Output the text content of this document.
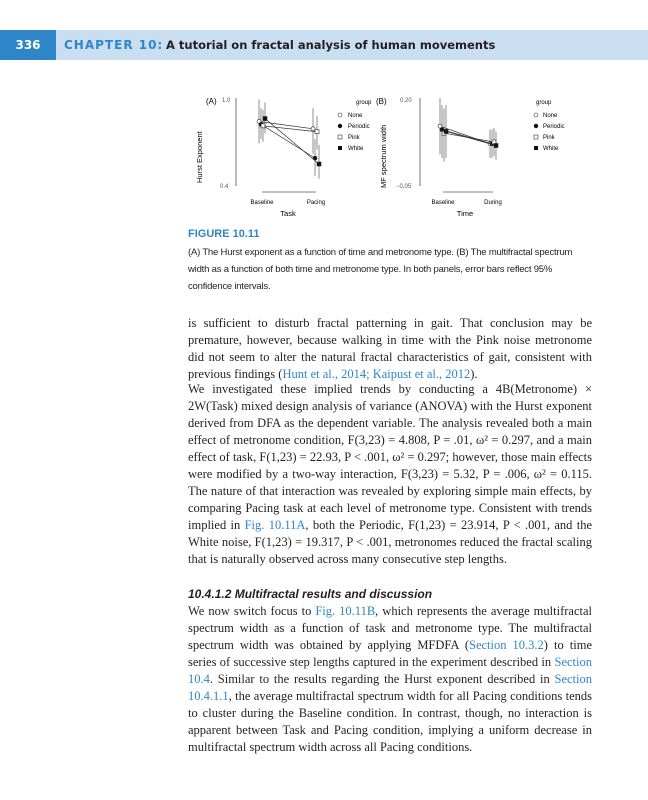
336	CHAPTER 10: A tutorial on fractal analysis of human movements
(A) 1.0
0.4
Hurst Exponent
Task
Baseline	Pacing
group
None
Periodic
Pink
White
(B) 0.20
−0.05
MF spectrum width
Time
Baseline	During
group
None
Periodic
Pink
White
FIGURE 10.11
(A) The Hurst exponent as a function of time and metronome type. (B) The multifractal spectrum width as a function of both time and metronome type. In both panels, error bars reflect 95% confidence intervals.

is sufficient to disturb fractal patterning in gait. That conclusion may be premature, however, because walking in time with the Pink noise metronome did not seem to alter the natural fractal characteristics of gait, consistent with previous findings (Hunt et al., 2014; Kaipust et al., 2012).

We investigated these implied trends by conducting a 4B(Metronome) × 2W(Task) mixed design analysis of variance (ANOVA) with the Hurst exponent derived from DFA as the dependent variable. The analysis revealed both a main effect of metronome condition, F(3,23) = 4.808, P = .01, ω² = 0.297, and a main effect of task, F(1,23) = 22.93, P < .001, ω² = 0.297; however, those main effects were modified by a two-way interaction, F(3,23) = 5.32, P = .006, ω² = 0.115. The nature of that interaction was revealed by exploring simple main effects, by comparing Pacing task at each level of metronome type. Consistent with trends implied in Fig. 10.11A, both the Periodic, F(1,23) = 23.914, P < .001, and the White noise, F(1,23) = 19.317, P < .001, metronomes reduced the fractal scaling that is naturally observed across many consecutive step lengths.

10.4.1.2 Multifractal results and discussion

We now switch focus to Fig. 10.11B, which represents the average multifractal spectrum width as a function of task and metronome type. The multifractal spectrum width was obtained by applying MFDFA (Section 10.3.2) to time series of successive step lengths captured in the experiment described in Section 10.4. Similar to the results regarding the Hurst exponent described in Section 10.4.1.1, the average multifractal spectrum width for all Pacing conditions tends to cluster during the Baseline condition. In contrast, though, no interaction is apparent between Task and Pacing condition, implying a uniform decrease in multifractal spectrum width across all Pacing conditions.
